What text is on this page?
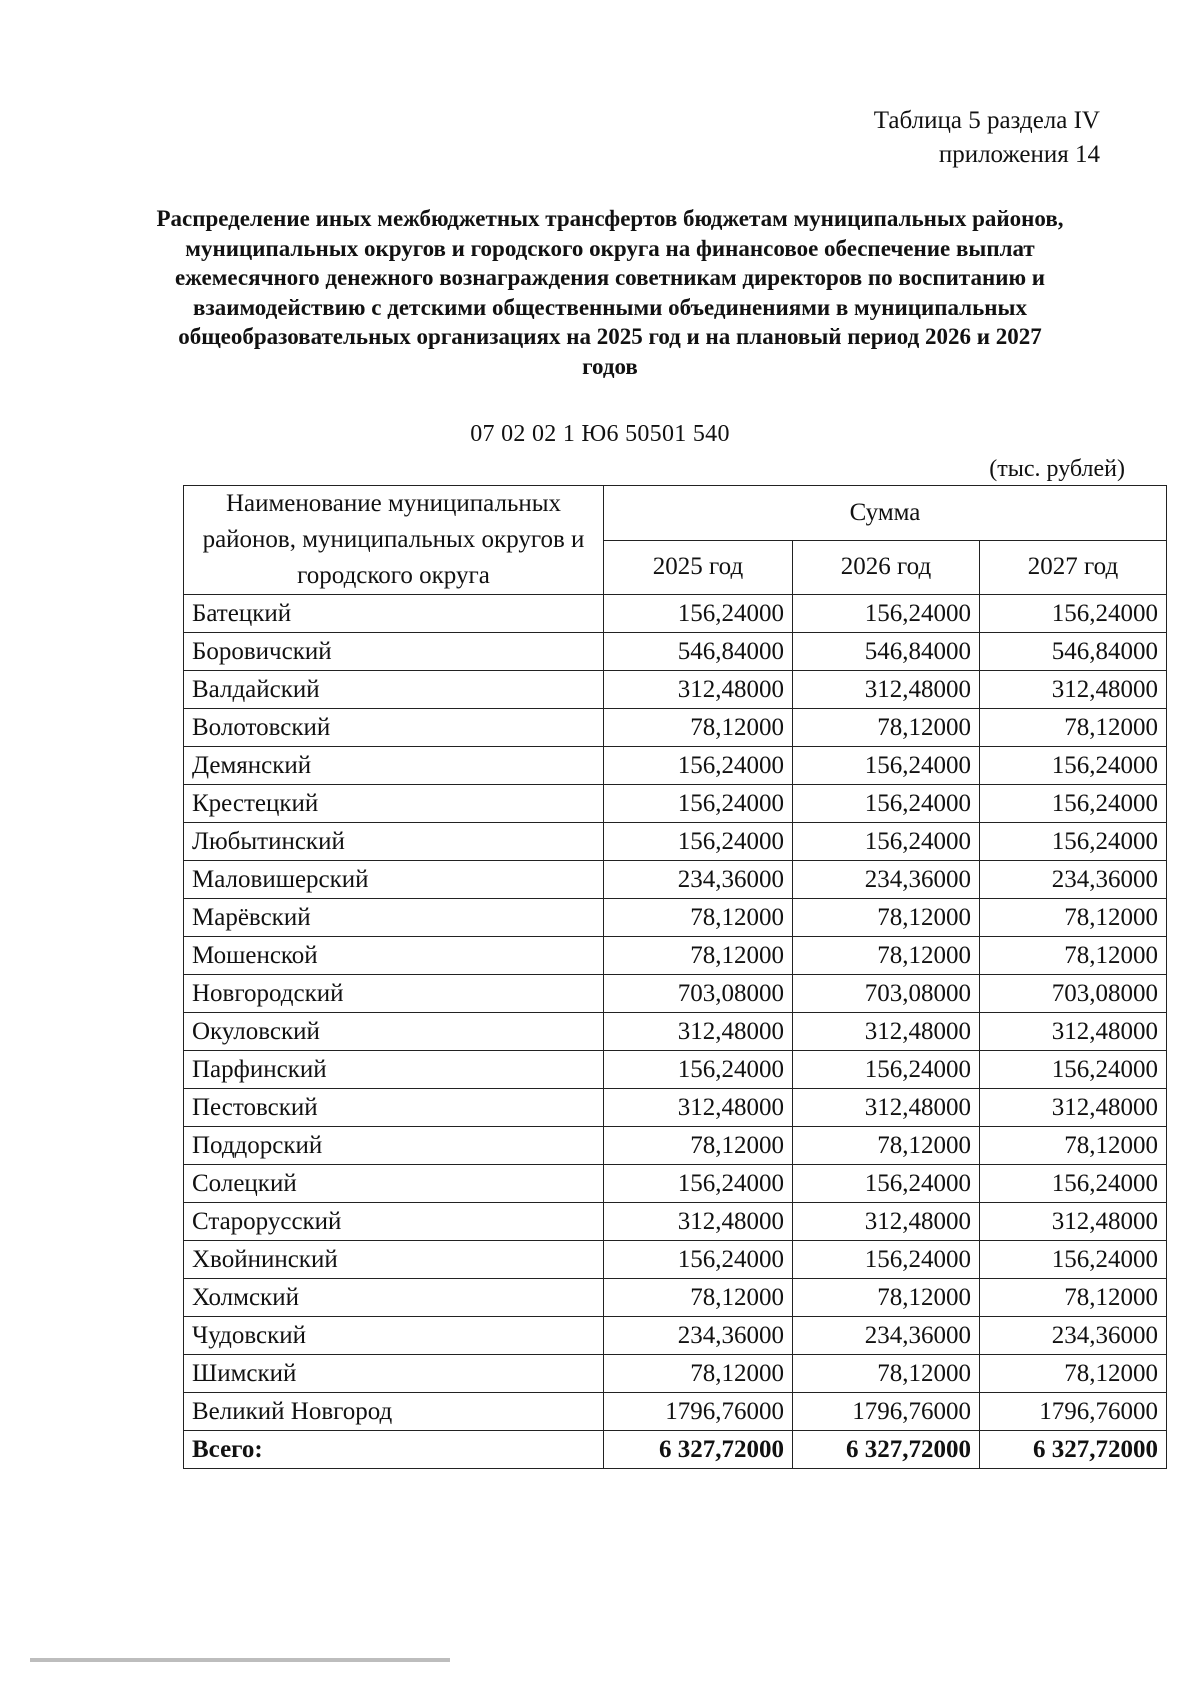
Таблица 5 раздела IV
приложения 14
Распределение иных межбюджетных трансфертов бюджетам муниципальных районов, муниципальных округов и городского округа на финансовое обеспечение выплат ежемесячного денежного вознаграждения советникам директоров по воспитанию и взаимодействию с детскими общественными объединениями в муниципальных общеобразовательных организациях на 2025 год и на плановый период 2026 и 2027 годов
07 02 02 1 Ю6 50501 540
(тыс. рублей)
Наименование муниципальных районов, муниципальных округов и городского округа	Сумма		
	2025 год	2026 год	2027 год
Батецкий	156,24000	156,24000	156,24000
Боровичский	546,84000	546,84000	546,84000
Валдайский	312,48000	312,48000	312,48000
Волотовский	78,12000	78,12000	78,12000
Демянский	156,24000	156,24000	156,24000
Крестецкий	156,24000	156,24000	156,24000
Любытинский	156,24000	156,24000	156,24000
Маловишерский	234,36000	234,36000	234,36000
Марёвский	78,12000	78,12000	78,12000
Мошенской	78,12000	78,12000	78,12000
Новгородский	703,08000	703,08000	703,08000
Окуловский	312,48000	312,48000	312,48000
Парфинский	156,24000	156,24000	156,24000
Пестовский	312,48000	312,48000	312,48000
Поддорский	78,12000	78,12000	78,12000
Солецкий	156,24000	156,24000	156,24000
Старорусский	312,48000	312,48000	312,48000
Хвойнинский	156,24000	156,24000	156,24000
Холмский	78,12000	78,12000	78,12000
Чудовский	234,36000	234,36000	234,36000
Шимский	78,12000	78,12000	78,12000
Великий Новгород	1796,76000	1796,76000	1796,76000
Всего:	6 327,72000	6 327,72000	6 327,72000
